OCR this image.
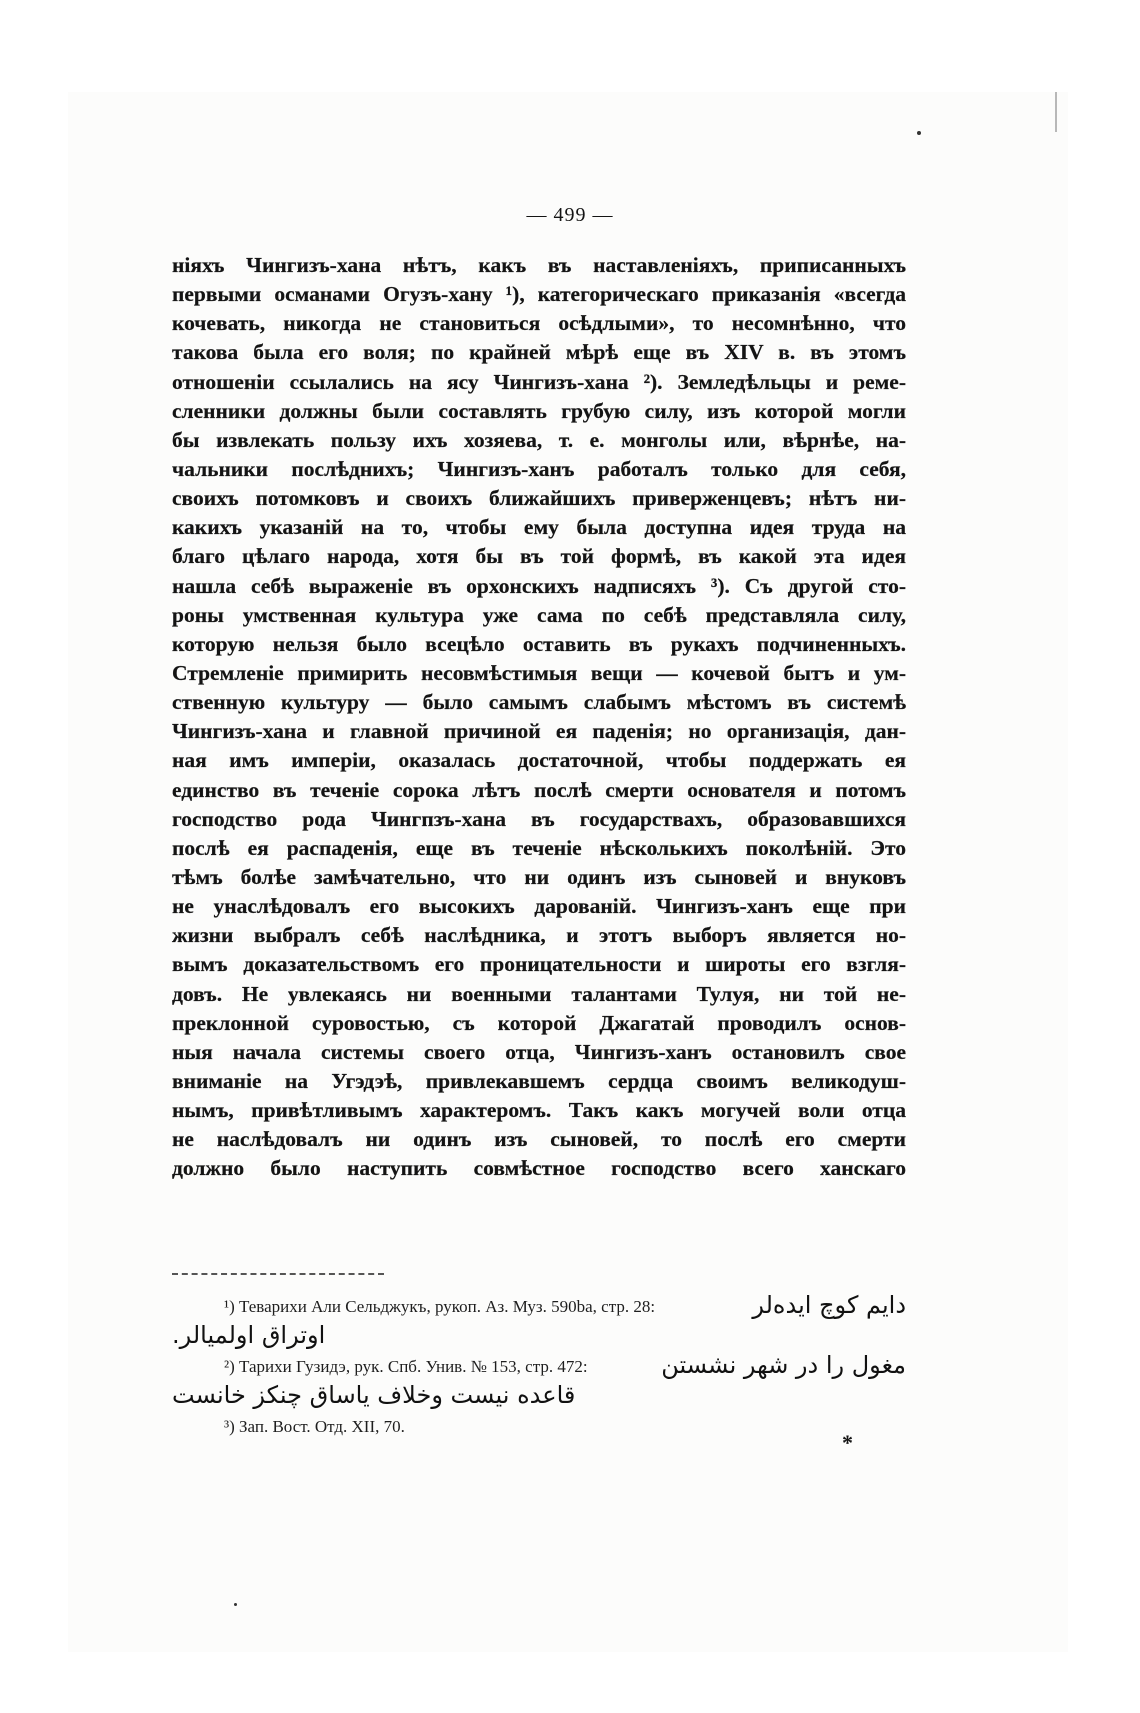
— 499 —
ніяхъ Чингизъ-хана нѣтъ, какъ въ наставленіяхъ, приписанныхъ
первыми османами Огузъ-хану ¹), категорическаго приказанія «всегда
кочевать, никогда не становиться осѣдлыми», то несомнѣнно, что
такова была его воля; по крайней мѣрѣ еще въ XIV в. въ этомъ
отношеніи ссылались на ясу Чингизъ-хана ²). Земледѣльцы и реме-
сленники должны были составлять грубую силу, изъ которой могли
бы извлекать пользу ихъ хозяева, т. е. монголы или, вѣрнѣе, на-
чальники послѣднихъ; Чингизъ-ханъ работалъ только для себя,
своихъ потомковъ и своихъ ближайшихъ приверженцевъ; нѣтъ ни-
какихъ указаній на то, чтобы ему была доступна идея труда на
благо цѣлаго народа, хотя бы въ той формѣ, въ какой эта идея
нашла себѣ выраженіе въ орхонскихъ надписяхъ ³). Съ другой сто-
роны умственная культура уже сама по себѣ представляла силу,
которую нельзя было всецѣло оставить въ рукахъ подчиненныхъ.
Стремленіе примирить несовмѣстимыя вещи — кочевой бытъ и ум-
ственную культуру — было самымъ слабымъ мѣстомъ въ системѣ
Чингизъ-хана и главной причиной ея паденія; но организація, дан-
ная имъ имперіи, оказалась достаточной, чтобы поддержать ея
единство въ теченіе сорока лѣтъ послѣ смерти основателя и потомъ
господство рода Чингпзъ-хана въ государствахъ, образовавшихся
послѣ ея распаденія, еще въ теченіе нѣсколькихъ поколѣній. Это
тѣмъ болѣе замѣчательно, что ни одинъ изъ сыновей и внуковъ
не унаслѣдовалъ его высокихъ дарованій. Чингизъ-ханъ еще при
жизни выбралъ себѣ наслѣдника, и этотъ выборъ является но-
вымъ доказательствомъ его проницательности и широты его взгля-
довъ. Не увлекаясь ни военными талантами Тулуя, ни той не-
преклонной суровостью, съ которой Джагатай проводилъ основ-
ныя начала системы своего отца, Чингизъ-ханъ остановилъ свое
вниманіе на Угэдэѣ, привлекавшемъ сердца своимъ великодуш-
нымъ, привѣтливымъ характеромъ. Такъ какъ могучей воли отца
не наслѣдовалъ ни одинъ изъ сыновей, то послѣ его смерти
должно было наступить совмѣстное господство всего ханскаго
¹) Теварихи Али Сельджукъ, рукоп. Аз. Муз. 590ba, стр. 28:	دايم كوچ ايدەلر
اوتراق اولميالر.
²) Тарихи Гузидэ, рук. Спб. Унив. № 153, стр. 472:	مغول را در شهر نشستن
قاعده نيست وخلاف ياساق چنكز خانست
³) Зап. Вост. Отд. XII, 70.
*
